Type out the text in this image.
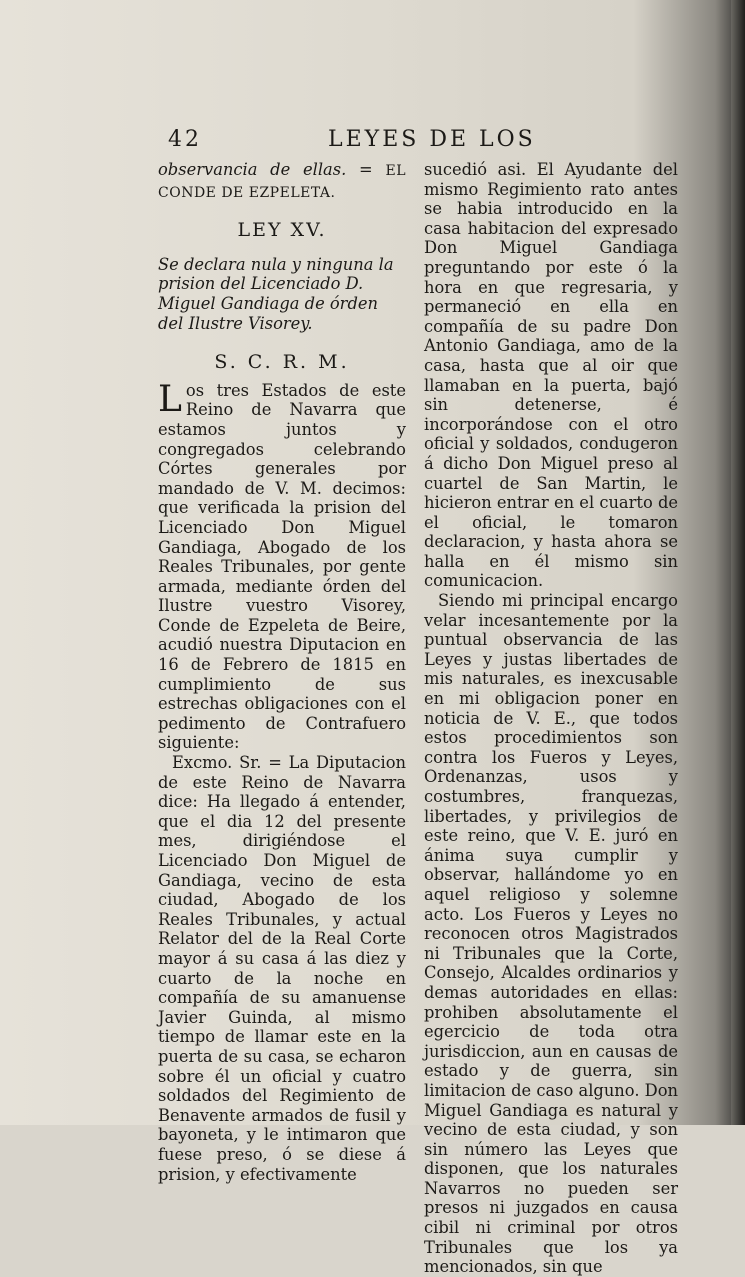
42	LEYES DE LOS

observancia de ellas. = EL CONDE DE EZPELETA.

LEY XV.

Se declara nula y ninguna la prision del Licenciado D. Miguel Gandiaga de órden del Ilustre Visorey.

S. C. R. M.

Los tres Estados de este Reino de Navarra que estamos juntos y congregados celebrando Córtes generales por mandado de V. M. decimos: que verificada la prision del Licenciado Don Miguel Gandiaga, Abogado de los Reales Tribunales, por gente armada, mediante órden del Ilustre vuestro Visorey, Conde de Ezpeleta de Beire, acudió nuestra Diputacion en 16 de Febrero de 1815 en cumplimiento de sus estrechas obligaciones con el pedimento de Contrafuero siguiente:

Excmo. Sr. = La Diputacion de este Reino de Navarra dice: Ha llegado á entender, que el dia 12 del presente mes, dirigiéndose el Licenciado Don Miguel de Gandiaga, vecino de esta ciudad, Abogado de los Reales Tribunales, y actual Relator del de la Real Corte mayor á su casa á las diez y cuarto de la noche en compañía de su amanuense Javier Guinda, al mismo tiempo de llamar este en la puerta de su casa, se echaron sobre él un oficial y cuatro soldados del Regimiento de Benavente armados de fusil y bayoneta, y le intimaron que fuese preso, ó se diese á prision, y efectivamente

sucedió asi. El Ayudante del mismo Regimiento rato antes se habia introducido en la casa habitacion del expresado Don Miguel Gandiaga preguntando por este ó la hora en que regresaria, y permaneció en ella en compañía de su padre Don Antonio Gandiaga, amo de la casa, hasta que al oir que llamaban en la puerta, bajó sin detenerse, é incorporándose con el otro oficial y soldados, condugeron á dicho Don Miguel preso al cuartel de San Martin, le hicieron entrar en el cuarto de el oficial, le tomaron declaracion, y hasta ahora se halla en él mismo sin comunicacion.

Siendo mi principal encargo velar incesantemente por la puntual observancia de las Leyes y justas libertades de mis naturales, es inexcusable en mi obligacion poner en noticia de V. E., que todos estos procedimientos son contra los Fueros y Leyes, Ordenanzas, usos y costumbres, franquezas, libertades, y privilegios de este reino, que V. E. juró en ánima suya cumplir y observar, hallándome yo en aquel religioso y solemne acto. Los Fueros y Leyes no reconocen otros Magistrados ni Tribunales que la Corte, Consejo, Alcaldes ordinarios y demas autoridades en ellas: prohiben absolutamente el egercicio de toda otra jurisdiccion, aun en causas de estado y de guerra, sin limitacion de caso alguno. Don Miguel Gandiaga es natural y vecino de esta ciudad, y son sin número las Leyes que disponen, que los naturales Navarros no pueden ser presos ni juzgados en causa cibil ni criminal por otros Tribunales que los ya mencionados, sin que
